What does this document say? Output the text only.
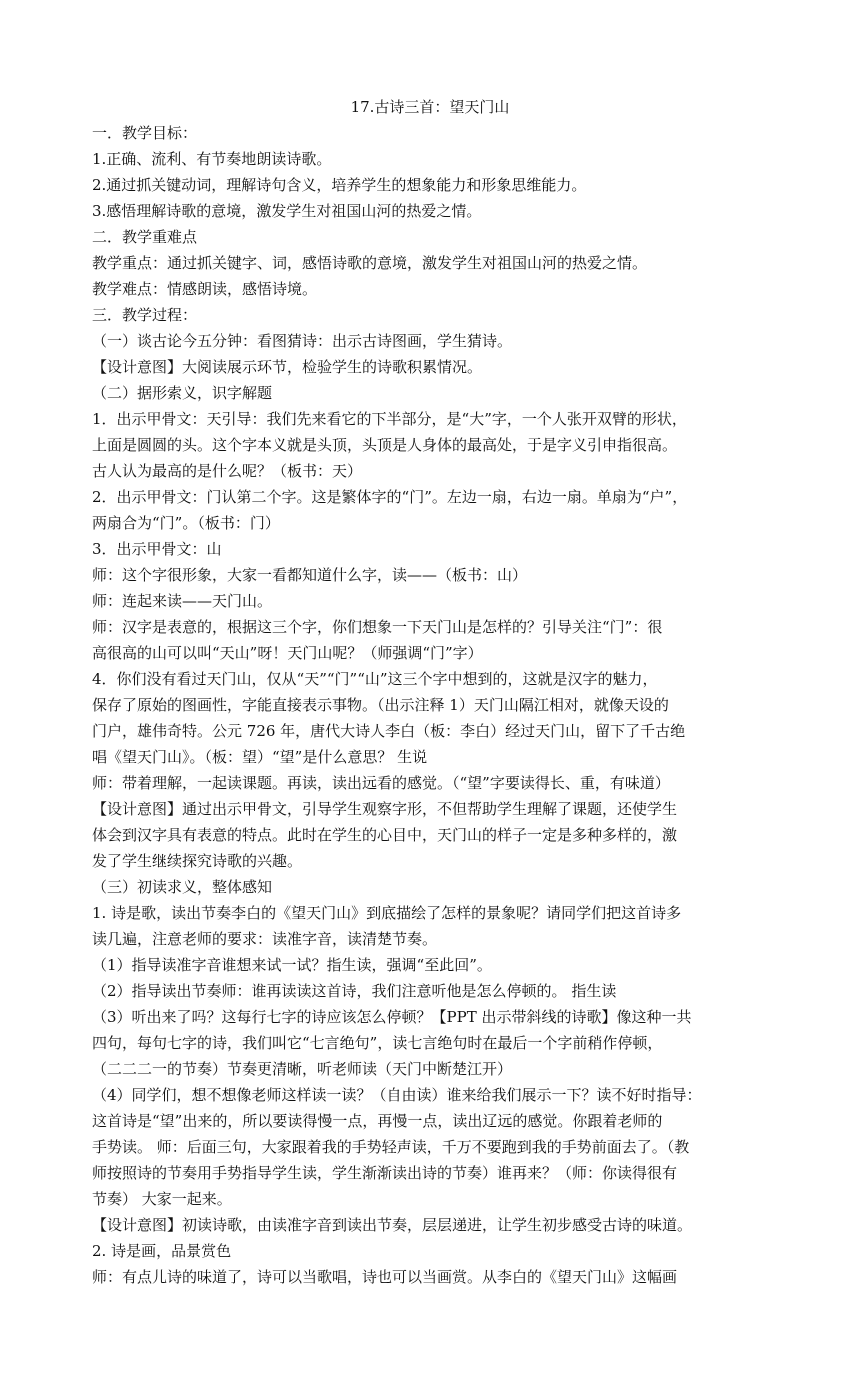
17.古诗三首：望天门山

一．教学目标：

1.正确、流利、有节奏地朗读诗歌。

2.通过抓关键动词，理解诗句含义，培养学生的想象能力和形象思维能力。

3.感悟理解诗歌的意境，激发学生对祖国山河的热爱之情。

二．教学重难点

教学重点：通过抓关键字、词，感悟诗歌的意境，激发学生对祖国山河的热爱之情。

教学难点：情感朗读，感悟诗境。

三．教学过程：

（一）谈古论今五分钟：看图猜诗：出示古诗图画，学生猜诗。

【设计意图】大阅读展示环节，检验学生的诗歌积累情况。

（二）据形索义，识字解题

1．出示甲骨文：天引导：我们先来看它的下半部分，是“大”字，一个人张开双臂的形状，

上面是圆圆的头。这个字本义就是头顶，头顶是人身体的最高处，于是字义引申指很高。

古人认为最高的是什么呢？（板书：天）

2．出示甲骨文：门认第二个字。这是繁体字的“门”。左边一扇，右边一扇。单扇为“户”，

两扇合为“门”。（板书：门）

3．出示甲骨文：山

师：这个字很形象，大家一看都知道什么字，读——（板书：山）

师：连起来读——天门山。

师：汉字是表意的，根据这三个字，你们想象一下天门山是怎样的？引导关注“门”：很

高很高的山可以叫“天山”呀！天门山呢？（师强调“门”字）

4．你们没有看过天门山，仅从“天”“门”“山”这三个字中想到的，这就是汉字的魅力，

保存了原始的图画性，字能直接表示事物。（出示注释 1）天门山隔江相对，就像天设的

门户，雄伟奇特。公元 726 年，唐代大诗人李白（板：李白）经过天门山，留下了千古绝

唱《望天门山》。（板：望）“望”是什么意思？ 生说

师：带着理解，一起读课题。再读，读出远看的感觉。（“望”字要读得长、重，有味道）

【设计意图】通过出示甲骨文，引导学生观察字形，不但帮助学生理解了课题，还使学生

体会到汉字具有表意的特点。此时在学生的心目中，天门山的样子一定是多种多样的，激

发了学生继续探究诗歌的兴趣。

（三）初读求义，整体感知

1. 诗是歌，读出节奏李白的《望天门山》到底描绘了怎样的景象呢？请同学们把这首诗多

读几遍，注意老师的要求：读准字音，读清楚节奏。

（1）指导读准字音谁想来试一试？指生读，强调“至此回”。

（2）指导读出节奏师：谁再读读这首诗，我们注意听他是怎么停顿的。 指生读

（3）听出来了吗？这每行七字的诗应该怎么停顿？【PPT 出示带斜线的诗歌】像这种一共

四句，每句七字的诗，我们叫它“七言绝句”，读七言绝句时在最后一个字前稍作停顿，

（二二二一的节奏）节奏更清晰，听老师读（天门中断楚江开）

（4）同学们，想不想像老师这样读一读？（自由读）谁来给我们展示一下？读不好时指导：

这首诗是“望”出来的，所以要读得慢一点，再慢一点，读出辽远的感觉。你跟着老师的

手势读。 师：后面三句，大家跟着我的手势轻声读，千万不要跑到我的手势前面去了。（教

师按照诗的节奏用手势指导学生读，学生渐渐读出诗的节奏）谁再来？（师：你读得很有

节奏） 大家一起来。

【设计意图】初读诗歌，由读准字音到读出节奏，层层递进，让学生初步感受古诗的味道。

2. 诗是画，品景赏色

师：有点儿诗的味道了，诗可以当歌唱，诗也可以当画赏。从李白的《望天门山》这幅画
